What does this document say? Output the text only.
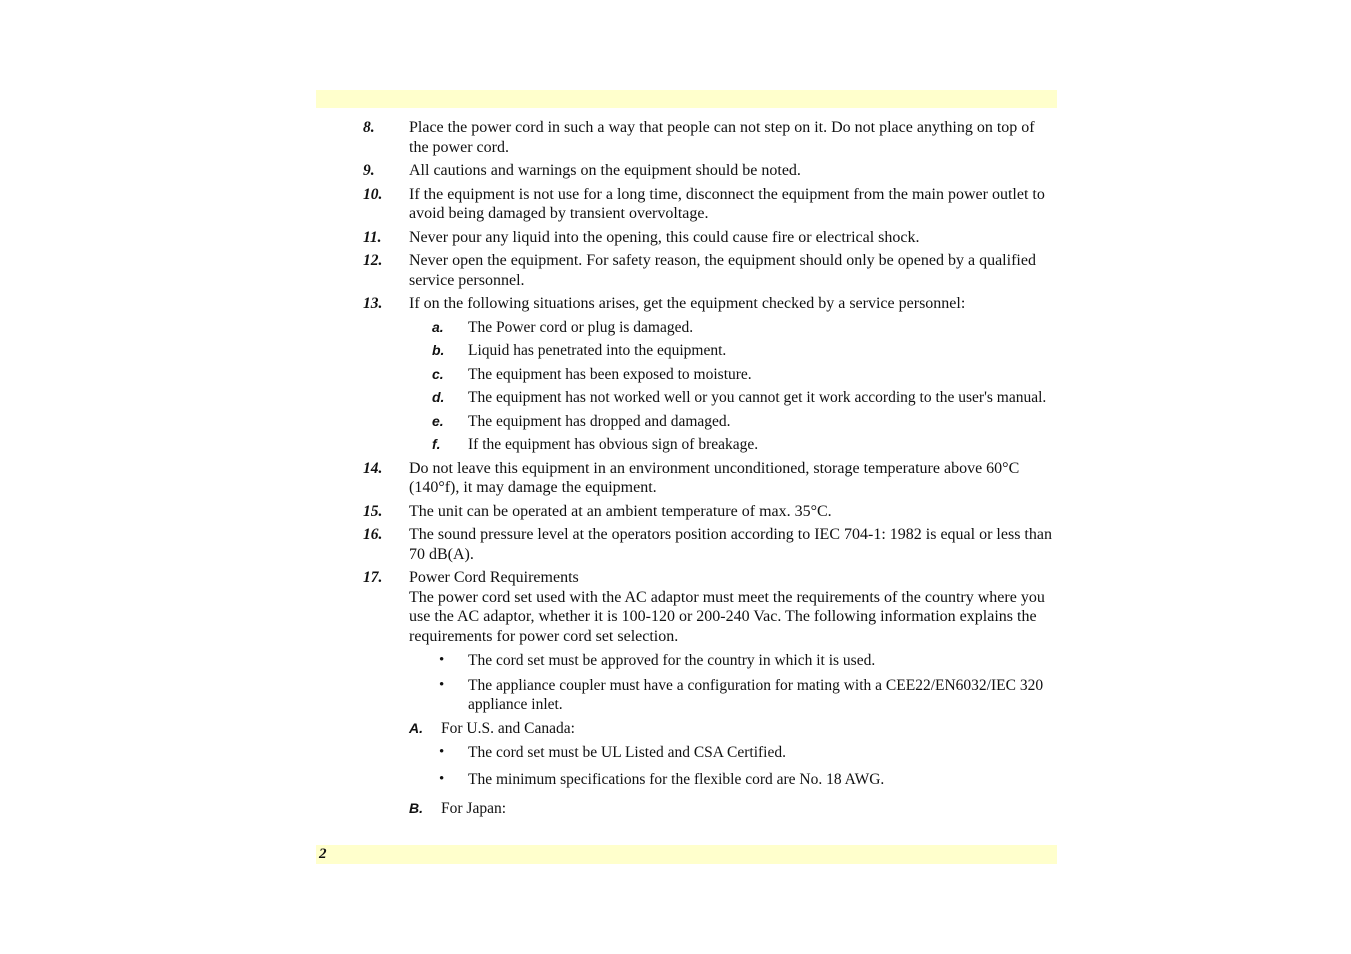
8. Place the power cord in such a way that people can not step on it. Do not place anything on top of the power cord.
9. All cautions and warnings on the equipment should be noted.
10. If the equipment is not use for a long time, disconnect the equipment from the main power outlet to avoid being damaged by transient overvoltage.
11. Never pour any liquid into the opening, this could cause fire or electrical shock.
12. Never open the equipment. For safety reason, the equipment should only be opened by a qualified service personnel.
13. If on the following situations arises, get the equipment checked by a service personnel:
a. The Power cord or plug is damaged.
b. Liquid has penetrated into the equipment.
c. The equipment has been exposed to moisture.
d. The equipment has not worked well or you cannot get it work according to the user's manual.
e. The equipment has dropped and damaged.
f. If the equipment has obvious sign of breakage.
14. Do not leave this equipment in an environment unconditioned, storage temperature above 60°C (140°f), it may damage the equipment.
15. The unit can be operated at an ambient temperature of max. 35°C.
16. The sound pressure level at the operators position according to IEC 704-1: 1982 is equal or less than 70 dB(A).
17. Power Cord Requirements
The power cord set used with the AC adaptor must meet the requirements of the country where you use the AC adaptor, whether it is 100-120 or 200-240 Vac. The following information explains the requirements for power cord set selection.
• The cord set must be approved for the country in which it is used.
• The appliance coupler must have a configuration for mating with a CEE22/EN6032/IEC 320 appliance inlet.
A. For U.S. and Canada:
• The cord set must be UL Listed and CSA Certified.
• The minimum specifications for the flexible cord are No. 18 AWG.
B. For Japan:
2
